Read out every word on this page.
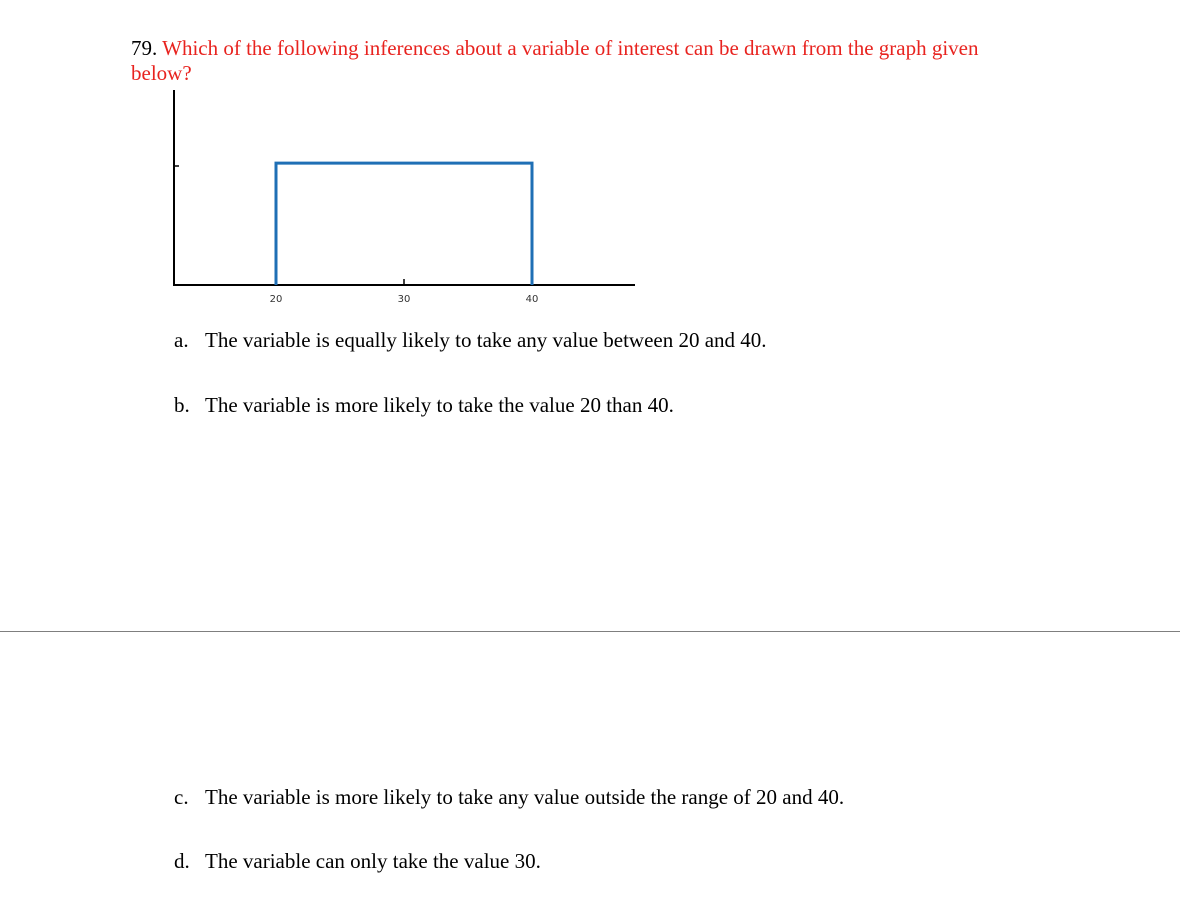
79. Which of the following inferences about a variable of interest can be drawn from the graph given below?
20	30	40
a. The variable is equally likely to take any value between 20 and 40.
b. The variable is more likely to take the value 20 than 40.
c. The variable is more likely to take any value outside the range of 20 and 40.
d. The variable can only take the value 30.
